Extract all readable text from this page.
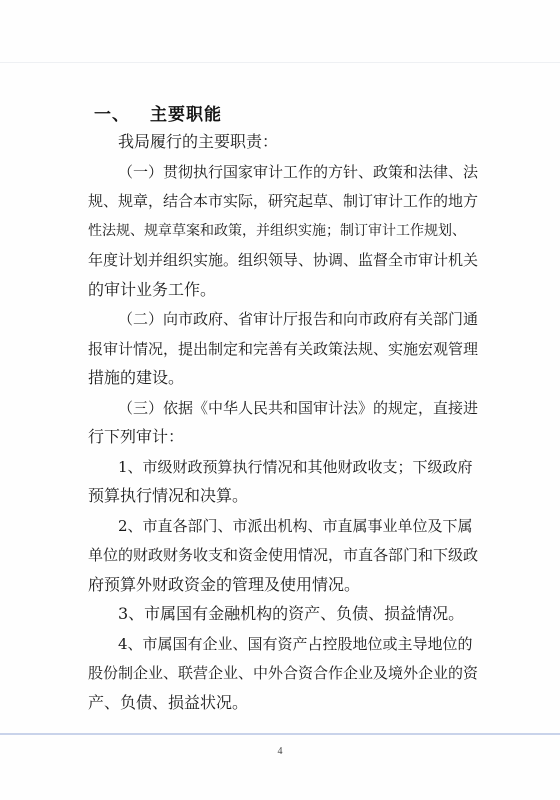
一、 主要职能
我局履行的主要职责：
（一）贯彻执行国家审计工作的方针、政策和法律、法
规、规章，结合本市实际，研究起草、制订审计工作的地方
性法规、规章草案和政策，并组织实施；制订审计工作规划、
年度计划并组织实施。组织领导、协调、监督全市审计机关
的审计业务工作。
（二）向市政府、省审计厅报告和向市政府有关部门通
报审计情况，提出制定和完善有关政策法规、实施宏观管理
措施的建设。
（三）依据《中华人民共和国审计法》的规定，直接进
行下列审计：
1、市级财政预算执行情况和其他财政收支；下级政府
预算执行情况和决算。
2、市直各部门、市派出机构、市直属事业单位及下属
单位的财政财务收支和资金使用情况，市直各部门和下级政
府预算外财政资金的管理及使用情况。
3、市属国有金融机构的资产、负债、损益情况。
4、市属国有企业、国有资产占控股地位或主导地位的
股份制企业、联营企业、中外合资合作企业及境外企业的资
产、负债、损益状况。
4
